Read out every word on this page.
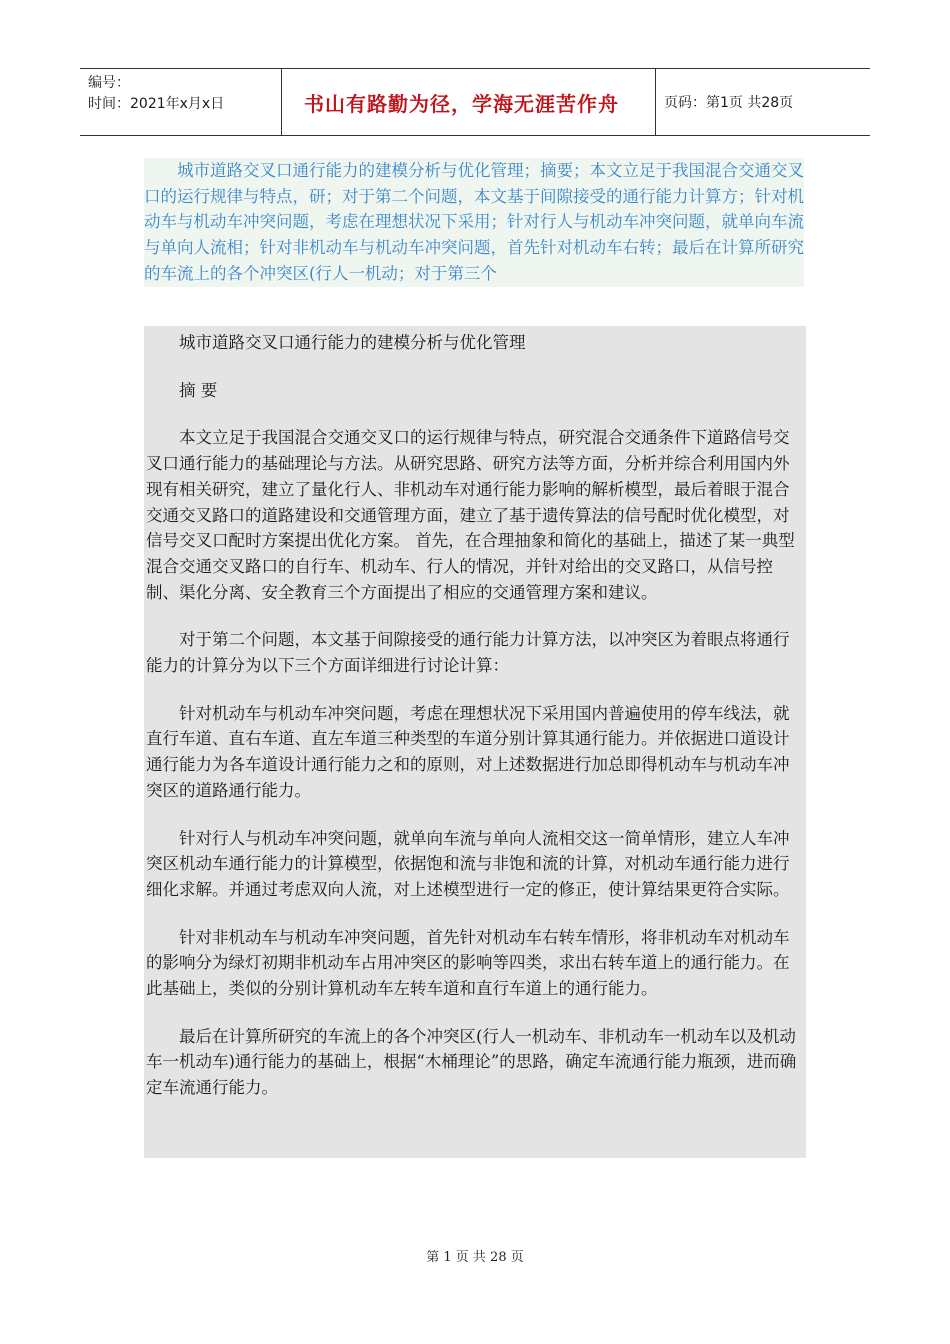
编号：
时间：2021年x月x日	书山有路勤为径，学海无涯苦作舟	页码：第1页 共28页
城市道路交叉口通行能力的建模分析与优化管理；摘要；本文立足于我国混合交通交叉口的运行规律与特点，研；对于第二个问题，本文基于间隙接受的通行能力计算方；针对机动车与机动车冲突问题，考虑在理想状况下采用；针对行人与机动车冲突问题，就单向车流与单向人流相；针对非机动车与机动车冲突问题，首先针对机动车右转；最后在计算所研究的车流上的各个冲突区(行人一机动；对于第三个

城市道路交叉口通行能力的建模分析与优化管理

摘 要

本文立足于我国混合交通交叉口的运行规律与特点，研究混合交通条件下道路信号交叉口通行能力的基础理论与方法。从研究思路、研究方法等方面，分析并综合利用国内外现有相关研究，建立了量化行人、非机动车对通行能力影响的解析模型，最后着眼于混合交通交叉路口的道路建设和交通管理方面，建立了基于遗传算法的信号配时优化模型，对信号交叉口配时方案提出优化方案。 首先，在合理抽象和简化的基础上，描述了某一典型混合交通交叉路口的自行车、机动车、行人的情况，并针对给出的交叉路口，从信号控制、渠化分离、安全教育三个方面提出了相应的交通管理方案和建议。

对于第二个问题，本文基于间隙接受的通行能力计算方法，以冲突区为着眼点将通行能力的计算分为以下三个方面详细进行讨论计算：

针对机动车与机动车冲突问题，考虑在理想状况下采用国内普遍使用的停车线法，就直行车道、直右车道、直左车道三种类型的车道分别计算其通行能力。并依据进口道设计通行能力为各车道设计通行能力之和的原则，对上述数据进行加总即得机动车与机动车冲突区的道路通行能力。

针对行人与机动车冲突问题，就单向车流与单向人流相交这一简单情形，建立人车冲突区机动车通行能力的计算模型，依据饱和流与非饱和流的计算，对机动车通行能力进行细化求解。并通过考虑双向人流，对上述模型进行一定的修正，使计算结果更符合实际。

针对非机动车与机动车冲突问题，首先针对机动车右转车情形，将非机动车对机动车的影响分为绿灯初期非机动车占用冲突区的影响等四类，求出右转车道上的通行能力。在此基础上，类似的分别计算机动车左转车道和直行车道上的通行能力。

最后在计算所研究的车流上的各个冲突区(行人一机动车、非机动车一机动车以及机动车一机动车)通行能力的基础上，根据“木桶理论”的思路，确定车流通行能力瓶颈，进而确定车流通行能力。

第 1 页 共 28 页
